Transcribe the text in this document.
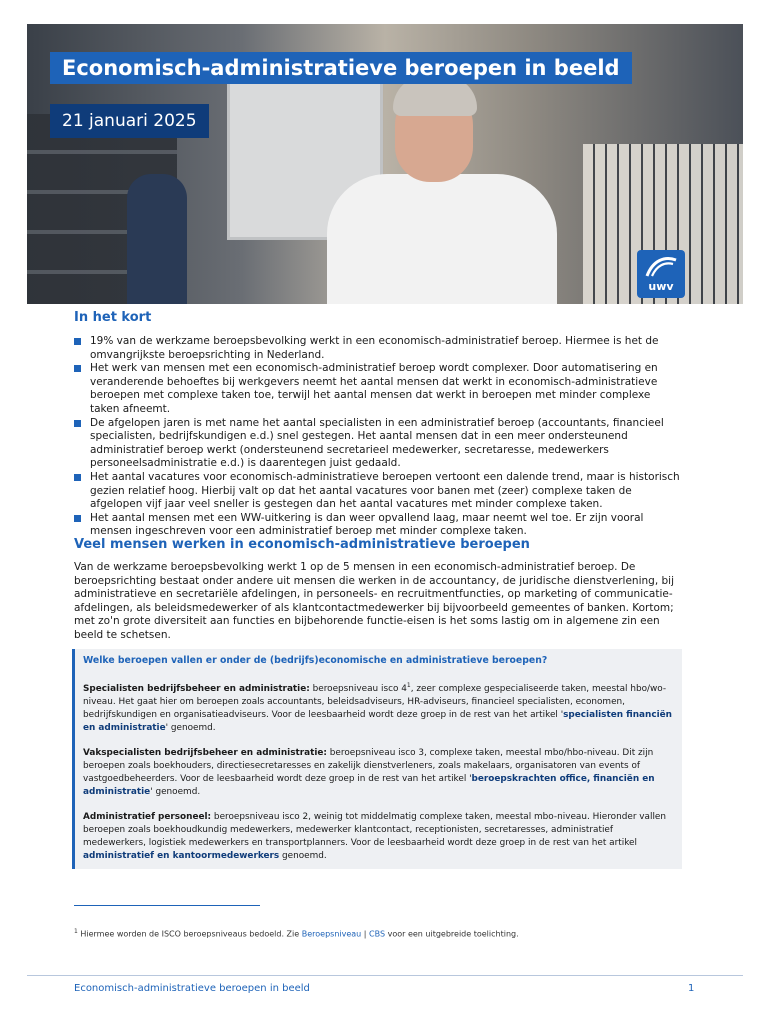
Economisch-administratieve beroepen in beeld
21 januari 2025
uwv
In het kort
19% van de werkzame beroepsbevolking werkt in een economisch-administratief beroep. Hiermee is het de omvangrijkste beroepsrichting in Nederland.
Het werk van mensen met een economisch-administratief beroep wordt complexer. Door automatisering en veranderende behoeftes bij werkgevers neemt het aantal mensen dat werkt in economisch-administratieve beroepen met complexe taken toe, terwijl het aantal mensen dat werkt in beroepen met minder complexe taken afneemt.
De afgelopen jaren is met name het aantal specialisten in een administratief beroep (accountants, financieel specialisten, bedrijfskundigen e.d.) snel gestegen. Het aantal mensen dat in een meer ondersteunend administratief beroep werkt (ondersteunend secretarieel medewerker, secretaresse, medewerkers personeelsadministratie e.d.) is daarentegen juist gedaald.
Het aantal vacatures voor economisch-administratieve beroepen vertoont een dalende trend, maar is historisch gezien relatief hoog. Hierbij valt op dat het aantal vacatures voor banen met (zeer) complexe taken de afgelopen vijf jaar veel sneller is gestegen dan het aantal vacatures met minder complexe taken.
Het aantal mensen met een WW-uitkering is dan weer opvallend laag, maar neemt wel toe. Er zijn vooral mensen ingeschreven voor een administratief beroep met minder complexe taken.
Veel mensen werken in economisch-administratieve beroepen

Van de werkzame beroepsbevolking werkt 1 op de 5 mensen in een economisch-administratief beroep. De beroepsrichting bestaat onder andere uit mensen die werken in de accountancy, de juridische dienstverlening, bij administratieve en secretariële afdelingen, in personeels- en recruitmentfuncties, op marketing of communicatie-afdelingen, als beleidsmedewerker of als klantcontactmedewerker bij bijvoorbeeld gemeentes of banken. Kortom; met zo'n grote diversiteit aan functies en bijbehorende functie-eisen is het soms lastig om in algemene zin een beeld te schetsen.

Welke beroepen vallen er onder de (bedrijfs)economische en administratieve beroepen?

Specialisten bedrijfsbeheer en administratie: beroepsniveau isco $4^1$, zeer complexe gespecialiseerde taken, meestal hbo/wo-niveau. Het gaat hier om beroepen zoals accountants, beleidsadviseurs, HR-adviseurs, financieel specialisten, economen, bedrijfskundigen en organisatieadviseurs. Voor de leesbaarheid wordt deze groep in de rest van het artikel 'specialisten financiën en administratie' genoemd.

Vakspecialisten bedrijfsbeheer en administratie: beroepsniveau isco 3, complexe taken, meestal mbo/hbo-niveau. Dit zijn beroepen zoals boekhouders, directiesecretaresses en zakelijk dienstverleners, zoals makelaars, organisatoren van events of vastgoedbeheerders. Voor de leesbaarheid wordt deze groep in de rest van het artikel 'beroepskrachten office, financiën en administratie' genoemd.

Administratief personeel: beroepsniveau isco 2, weinig tot middelmatig complexe taken, meestal mbo-niveau. Hieronder vallen beroepen zoals boekhoudkundig medewerkers, medewerker klantcontact, receptionisten, secretaresses, administratief medewerkers, logistiek medewerkers en transportplanners. Voor de leesbaarheid wordt deze groep in de rest van het artikel administratief en kantoormedewerkers genoemd.

$^1$ Hiermee worden de ISCO beroepsniveaus bedoeld. Zie Beroepsniveau | CBS voor een uitgebreide toelichting.
Economisch-administratieve beroepen in beeld	1
